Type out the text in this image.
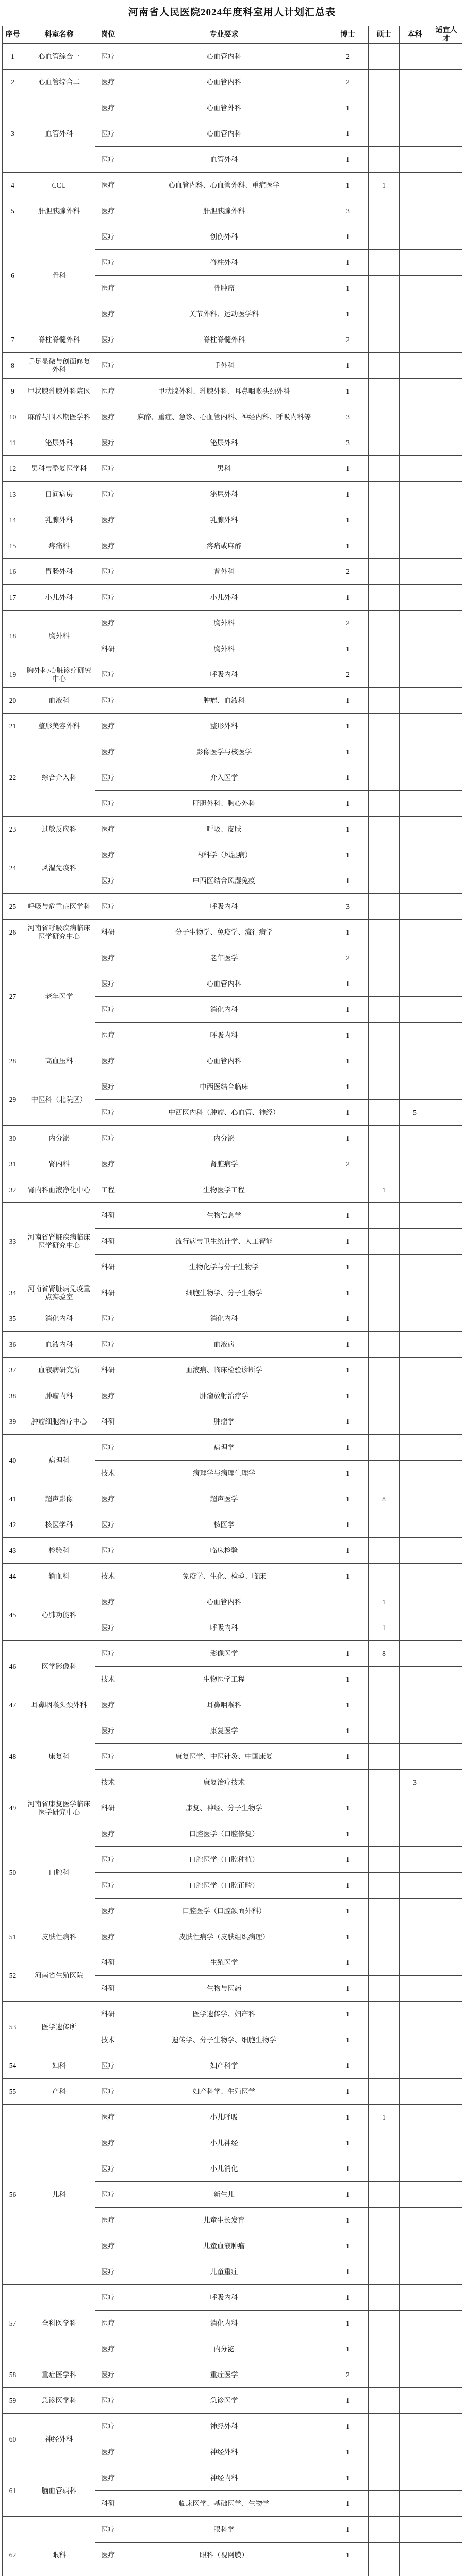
河南省人民医院2024年度科室用人计划汇总表
序号	科室名称	岗位	专业要求	博士	硕士	本科	适宜人才
1	心血管综合一	医疗	心血管内科	2			
2	心血管综合二	医疗	心血管内科	2			
3	血管外科	医疗	心血管外科	1			
		医疗	心血管内科	1			
		医疗	血管外科	1			
4	CCU	医疗	心血管内科、心血管外科、重症医学	1	1		
5	肝胆胰腺外科	医疗	肝胆胰腺外科	3			
6	骨科	医疗	创伤外科	1			
		医疗	脊柱外科	1			
		医疗	骨肿瘤	1			
		医疗	关节外科、运动医学科	1			
7	脊柱脊髓外科	医疗	脊柱脊髓外科	2			
8	手足显微与创面修复外科	医疗	手外科	1			
9	甲状腺乳腺外科院区	医疗	甲状腺外科、乳腺外科、耳鼻咽喉头颈外科	1			
10	麻醉与围术期医学科	医疗	麻醉、重症、急诊、心血管内科、神经内科、呼吸内科等	3			
11	泌尿外科	医疗	泌尿外科	3			
12	男科与整复医学科	医疗	男科	1			
13	日间病房	医疗	泌尿外科	1			
14	乳腺外科	医疗	乳腺外科	1			
15	疼痛科	医疗	疼痛或麻醉	1			
16	胃肠外科	医疗	普外科	2			
17	小儿外科	医疗	小儿外科	1			
18	胸外科	医疗	胸外科	2			
		科研	胸外科	1			
19	胸外科/心脏诊疗研究中心	医疗	呼吸内科	2			
20	血液科	医疗	肿瘤、血液科	1			
21	整形美容外科	医疗	整形外科	1			
22	综合介入科	医疗	影像医学与核医学	1			
		医疗	介入医学	1			
		医疗	肝胆外科、胸心外科	1			
23	过敏反应科	医疗	呼吸、皮肤	1			
24	风湿免疫科	医疗	内科学（风湿病）	1			
		医疗	中西医结合风湿免疫	1			
25	呼吸与危重症医学科	医疗	呼吸内科	3			
26	河南省呼吸疾病临床医学研究中心	科研	分子生物学、免疫学、流行病学	1			
27	老年医学	医疗	老年医学	2			
		医疗	心血管内科	1			
		医疗	消化内科	1			
		医疗	呼吸内科	1			
28	高血压科	医疗	心血管内科	1			
29	中医科（北院区）	医疗	中西医结合临床	1			
		医疗	中西医内科（肿瘤、心血管、神经）	1		5	
30	内分泌	医疗	内分泌	1			
31	肾内科	医疗	肾脏病学	2			
32	肾内科血液净化中心	工程	生物医学工程		1		
33	河南省肾脏疾病临床医学研究中心	科研	生物信息学	1			
		科研	流行病与卫生统计学、人工智能	1			
		科研	生物化学与分子生物学	1			
34	河南省肾脏病免疫重点实验室	科研	细胞生物学、分子生物学	1			
35	消化内科	医疗	消化内科	1			
36	血液内科	医疗	血液病	1			
37	血液病研究所	科研	血液病、临床检验诊断学	1			
38	肿瘤内科	医疗	肿瘤放射治疗学	1			
39	肿瘤细胞治疗中心	科研	肿瘤学	1			
40	病理科	医疗	病理学	1			
		技术	病理学与病理生理学	1			
41	超声影像	医疗	超声医学	1	8		
42	核医学科	医疗	核医学	1			
43	检验科	医疗	临床检验	1			
44	输血科	技术	免疫学、生化、检验、临床	1			
45	心肺功能科	医疗	心血管内科		1		
		医疗	呼吸内科		1		
46	医学影像科	医疗	影像医学	1	8		
		技术	生物医学工程	1			
47	耳鼻咽喉头颈外科	医疗	耳鼻咽喉科	1			
48	康复科	医疗	康复医学	1			
		医疗	康复医学、中医针灸、中国康复	1			
		技术	康复治疗技术			3	
49	河南省康复医学临床医学研究中心	科研	康复、神经、分子生物学	1			
50	口腔科	医疗	口腔医学（口腔修复）	1			
		医疗	口腔医学（口腔种植）	1			
		医疗	口腔医学（口腔正畸）	1			
		医疗	口腔医学（口腔颌面外科）	1			
51	皮肤性病科	医疗	皮肤性病学（皮肤组织病理）	1			
52	河南省生殖医院	科研	生殖医学	1			
		科研	生物与医药	1			
53	医学遗传所	科研	医学遗传学、妇产科	1			
		技术	遗传学、分子生物学、细胞生物学	1			
54	妇科	医疗	妇产科学	1			
55	产科	医疗	妇产科学、生殖医学	1			
56	儿科	医疗	小儿呼吸	1	1		
		医疗	小儿神经	1			
		医疗	小儿消化	1			
		医疗	新生儿	1			
		医疗	儿童生长发育	1			
		医疗	儿童血液肿瘤	1			
		医疗	儿童重症	1			
57	全科医学科	医疗	呼吸内科	1			
		医疗	消化内科	1			
		医疗	内分泌	1			
58	重症医学科	医疗	重症医学	2			
59	急诊医学科	医疗	急诊医学	1			
60	神经外科	医疗	神经外科	1			
		医疗	神经外科	1			
61	脑血管病科	医疗	神经内科	1			
		科研	临床医学、基础医学、生物学	1			
62	眼科	医疗	眼科学	1			
		医疗	眼科（视网膜）	1			
